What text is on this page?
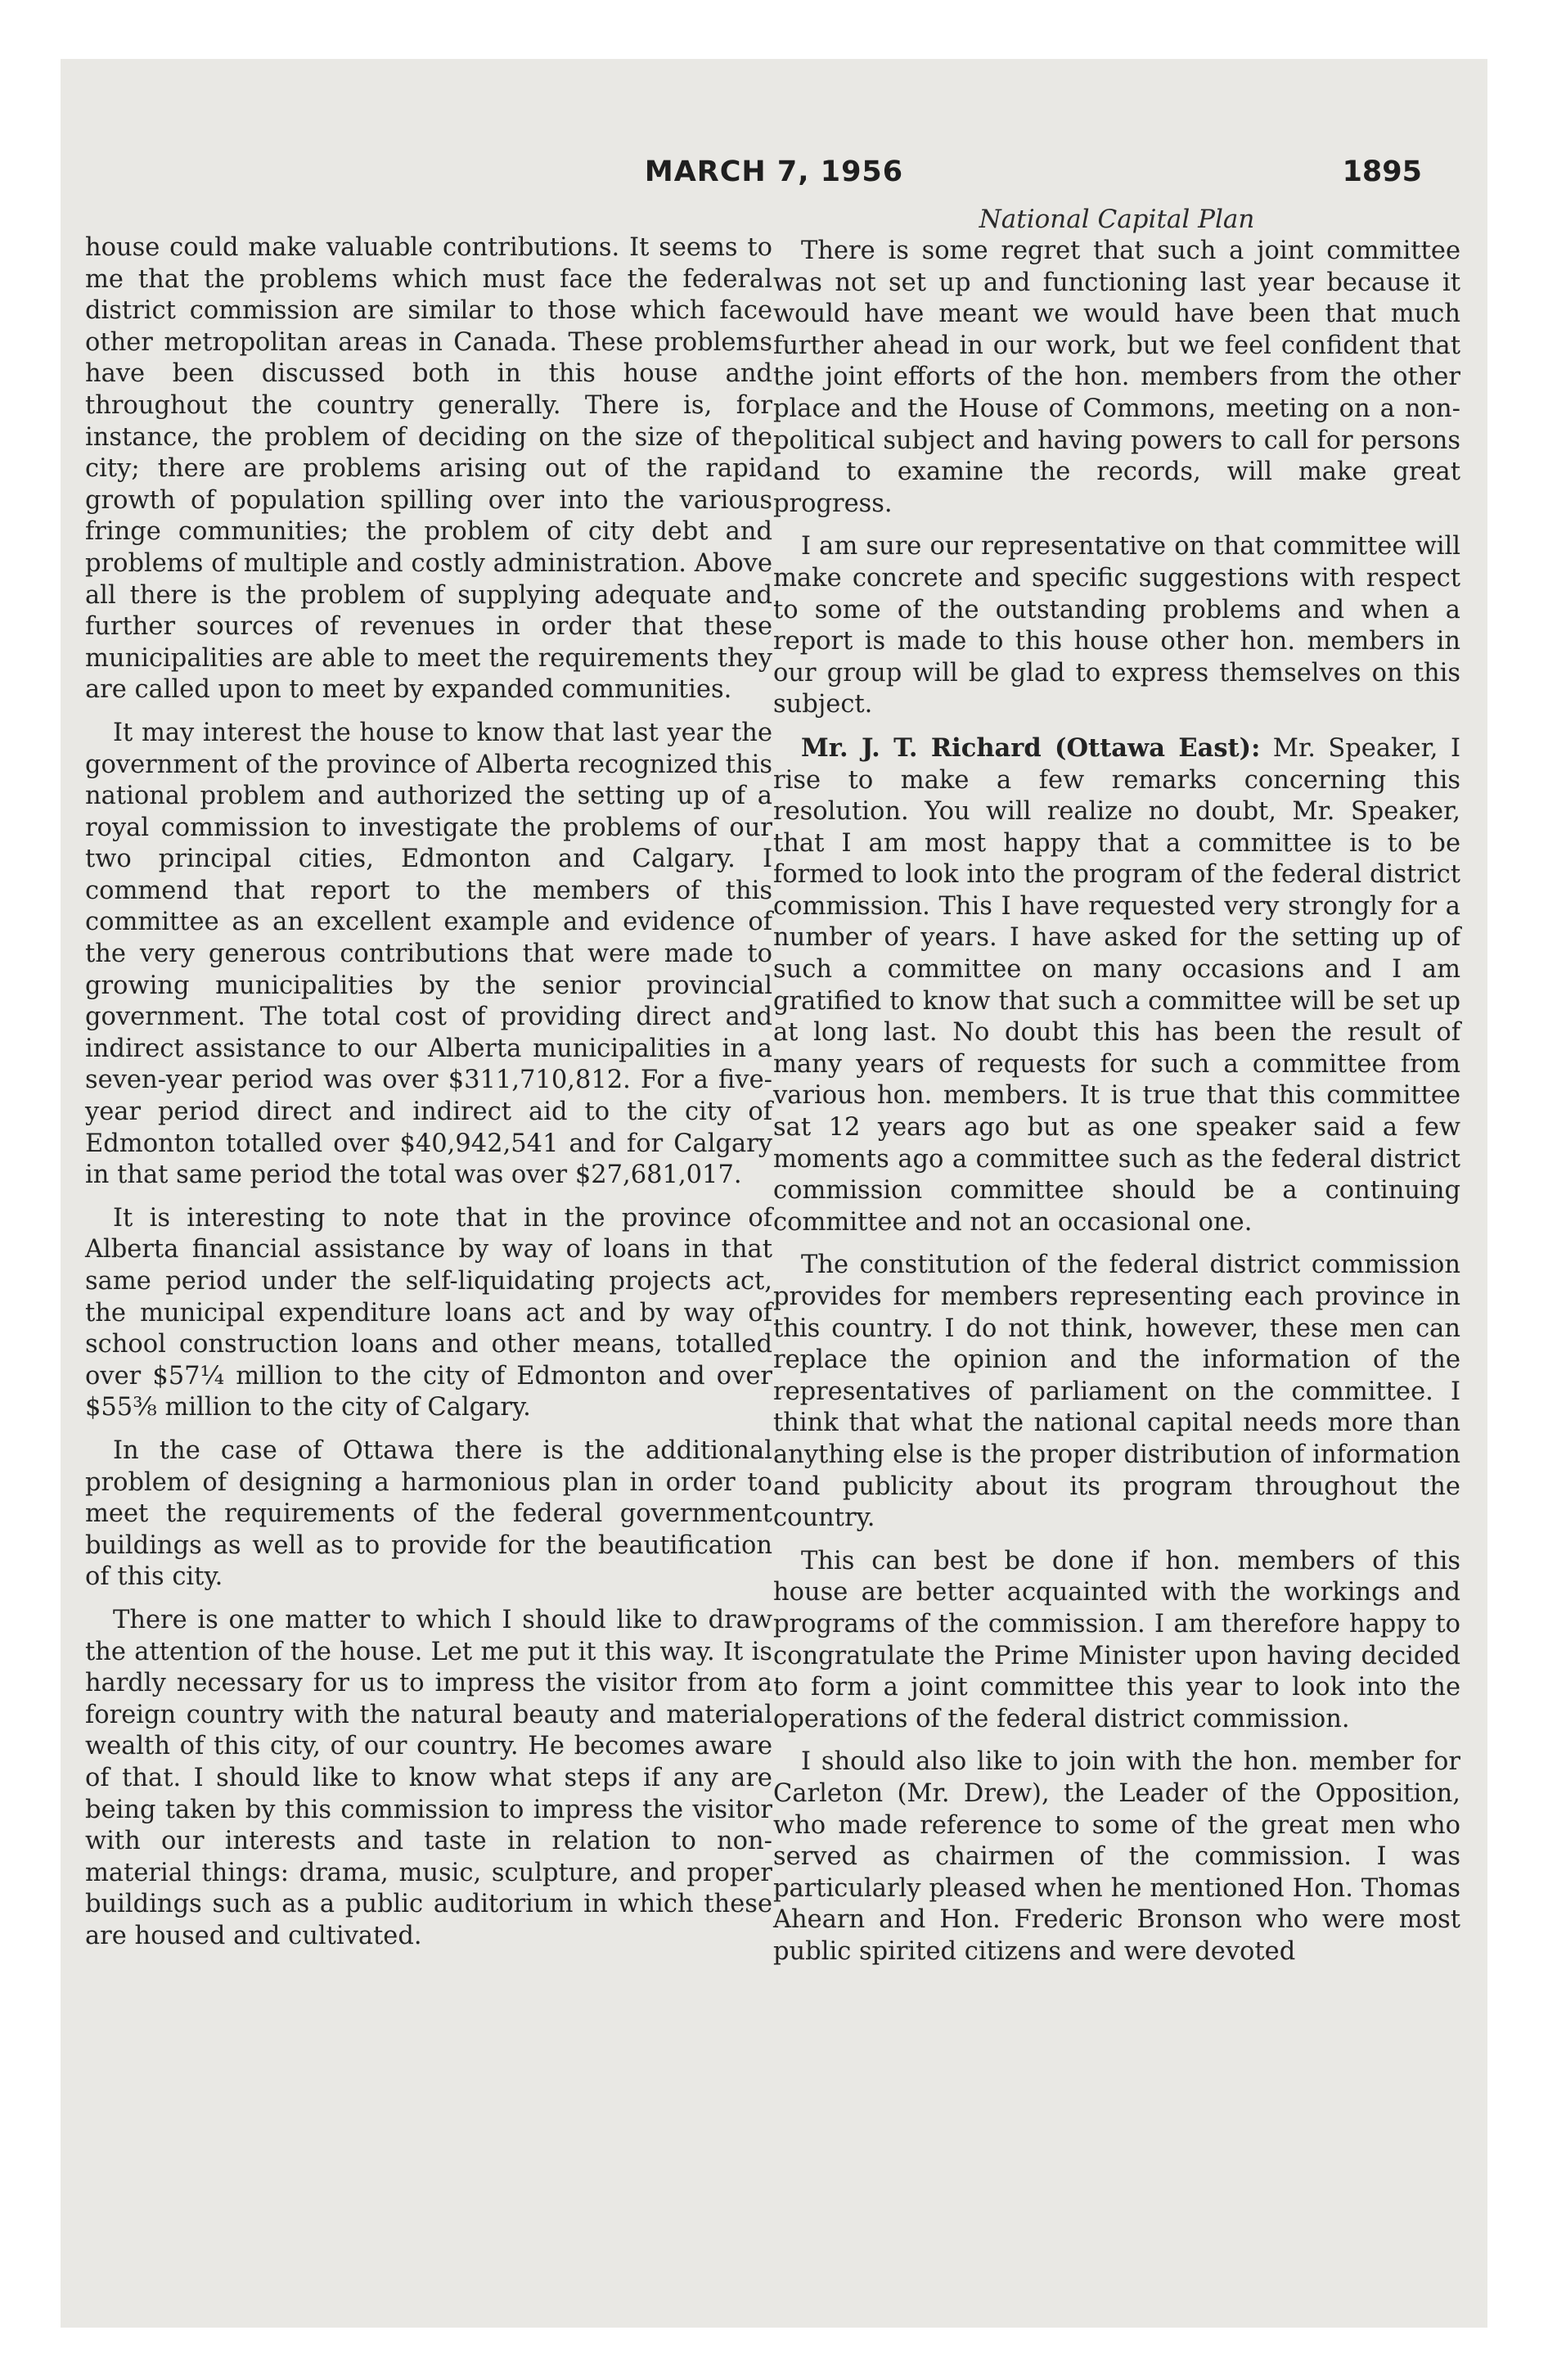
MARCH 7, 1956	1895

house could make valuable contributions. It seems to me that the problems which must face the federal district commission are similar to those which face other metropolitan areas in Canada. These problems have been discussed both in this house and throughout the country generally. There is, for instance, the problem of deciding on the size of the city; there are problems arising out of the rapid growth of population spilling over into the various fringe communities; the problem of city debt and problems of multiple and costly administration. Above all there is the problem of supplying adequate and further sources of revenues in order that these municipalities are able to meet the requirements they are called upon to meet by expanded communities.

It may interest the house to know that last year the government of the province of Alberta recognized this national problem and authorized the setting up of a royal commission to investigate the problems of our two principal cities, Edmonton and Calgary. I commend that report to the members of this committee as an excellent example and evidence of the very generous contributions that were made to growing municipalities by the senior provincial government. The total cost of providing direct and indirect assistance to our Alberta municipalities in a seven-year period was over $311,710,812. For a five-year period direct and indirect aid to the city of Edmonton totalled over $40,942,541 and for Calgary in that same period the total was over $27,681,017.

It is interesting to note that in the province of Alberta financial assistance by way of loans in that same period under the self-liquidating projects act, the municipal expenditure loans act and by way of school construction loans and other means, totalled over $57¼ million to the city of Edmonton and over $55⅜ million to the city of Calgary.

In the case of Ottawa there is the additional problem of designing a harmonious plan in order to meet the requirements of the federal government buildings as well as to provide for the beautification of this city.

There is one matter to which I should like to draw the attention of the house. Let me put it this way. It is hardly necessary for us to impress the visitor from a foreign country with the natural beauty and material wealth of this city, of our country. He becomes aware of that. I should like to know what steps if any are being taken by this commission to impress the visitor with our interests and taste in relation to non-material things: drama, music, sculpture, and proper buildings such as a public auditorium in which these are housed and cultivated.

National Capital Plan

There is some regret that such a joint committee was not set up and functioning last year because it would have meant we would have been that much further ahead in our work, but we feel confident that the joint efforts of the hon. members from the other place and the House of Commons, meeting on a non-political subject and having powers to call for persons and to examine the records, will make great progress.

I am sure our representative on that committee will make concrete and specific suggestions with respect to some of the outstanding problems and when a report is made to this house other hon. members in our group will be glad to express themselves on this subject.

Mr. J. T. Richard (Ottawa East): Mr. Speaker, I rise to make a few remarks concerning this resolution. You will realize no doubt, Mr. Speaker, that I am most happy that a committee is to be formed to look into the program of the federal district commission. This I have requested very strongly for a number of years. I have asked for the setting up of such a committee on many occasions and I am gratified to know that such a committee will be set up at long last. No doubt this has been the result of many years of requests for such a committee from various hon. members. It is true that this committee sat 12 years ago but as one speaker said a few moments ago a committee such as the federal district commission committee should be a continuing committee and not an occasional one.

The constitution of the federal district commission provides for members representing each province in this country. I do not think, however, these men can replace the opinion and the information of the representatives of parliament on the committee. I think that what the national capital needs more than anything else is the proper distribution of information and publicity about its program throughout the country.

This can best be done if hon. members of this house are better acquainted with the workings and programs of the commission. I am therefore happy to congratulate the Prime Minister upon having decided to form a joint committee this year to look into the operations of the federal district commission.

I should also like to join with the hon. member for Carleton (Mr. Drew), the Leader of the Opposition, who made reference to some of the great men who served as chairmen of the commission. I was particularly pleased when he mentioned Hon. Thomas Ahearn and Hon. Frederic Bronson who were most public spirited citizens and were devoted
